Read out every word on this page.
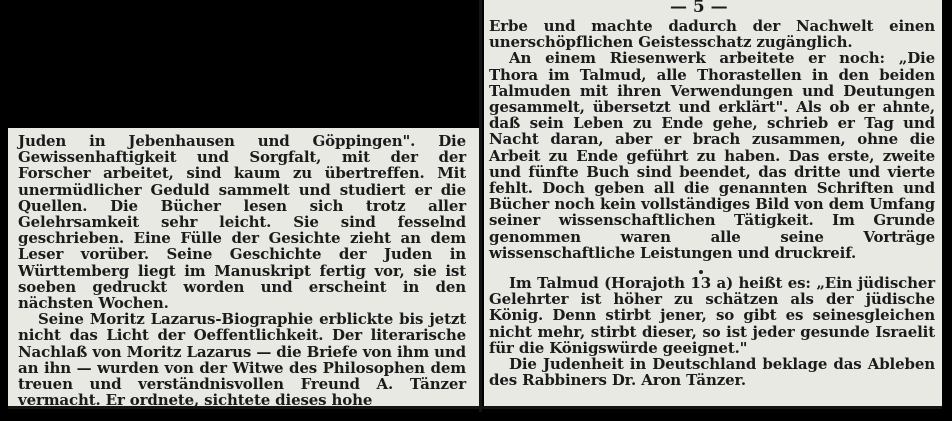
— 5 —

Juden in Jebenhausen und Göppingen". Die Gewissenhaftigkeit und Sorgfalt, mit der der Forscher arbeitet, sind kaum zu übertreffen. Mit unermüdlicher Geduld sammelt und studiert er die Quellen. Die Bücher lesen sich trotz aller Gelehrsamkeit sehr leicht. Sie sind fesselnd geschrieben. Eine Fülle der Gesichte zieht an dem Leser vorüber. Seine Geschichte der Juden in Württemberg liegt im Manuskript fertig vor, sie ist soeben gedruckt worden und erscheint in den nächsten Wochen.

Seine Moritz Lazarus-Biographie erblickte bis jetzt nicht das Licht der Oeffentlichkeit. Der literarische Nachlaß von Moritz Lazarus — die Briefe von ihm und an ihn — wurden von der Witwe des Philosophen dem treuen und verständnisvollen Freund A. Tänzer vermacht. Er ordnete, sichtete dieses hohe

Erbe und machte dadurch der Nachwelt einen unerschöpflichen Geistesschatz zugänglich.

An einem Riesenwerk arbeitete er noch: „Die Thora im Talmud, alle Thorastellen in den beiden Talmuden mit ihren Verwendungen und Deutungen gesammelt, übersetzt und erklärt". Als ob er ahnte, daß sein Leben zu Ende gehe, schrieb er Tag und Nacht daran, aber er brach zusammen, ohne die Arbeit zu Ende geführt zu haben. Das erste, zweite und fünfte Buch sind beendet, das dritte und vierte fehlt. Doch geben all die genannten Schriften und Bücher noch kein vollständiges Bild von dem Umfang seiner wissenschaftlichen Tätigkeit. Im Grunde genommen waren alle seine Vorträge wissenschaftliche Leistungen und druckreif.

Im Talmud (Horajoth 13 a) heißt es: „Ein jüdischer Gelehrter ist höher zu schätzen als der jüdische König. Denn stirbt jener, so gibt es seinesgleichen nicht mehr, stirbt dieser, so ist jeder gesunde Israelit für die Königswürde geeignet."

Die Judenheit in Deutschland beklage das Ableben des Rabbiners Dr. Aron Tänzer.
